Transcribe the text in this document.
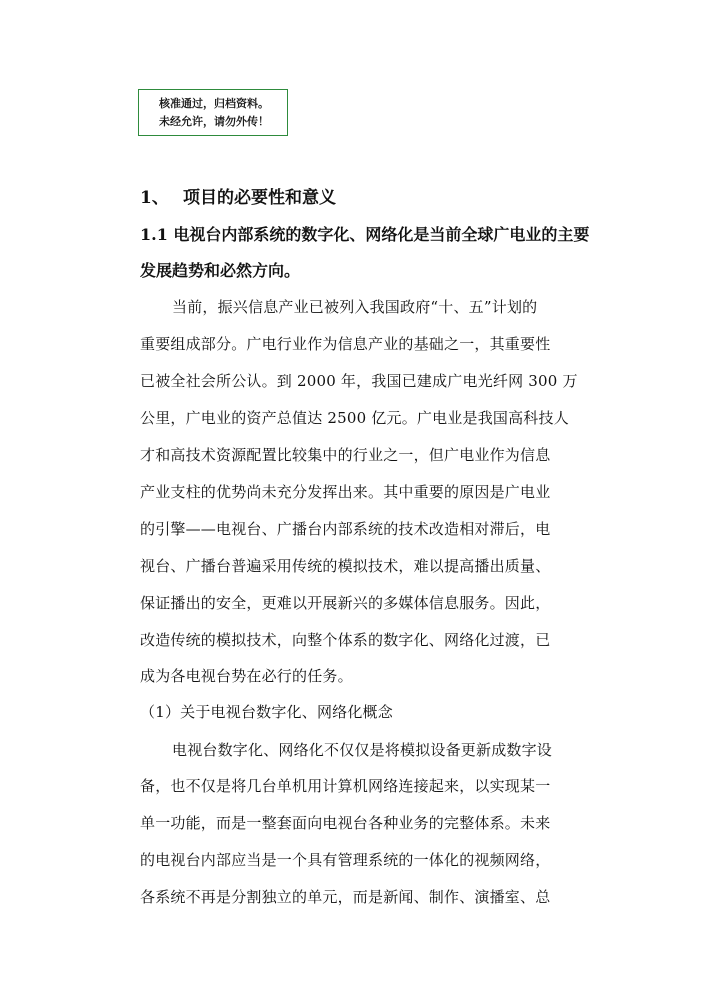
核准通过，归档资料。
未经允许，请勿外传！
1、 项目的必要性和意义
1.1 电视台内部系统的数字化、网络化是当前全球广电业的主要发展趋势和必然方向。
当前，振兴信息产业已被列入我国政府“十、五”计划的
重要组成部分。广电行业作为信息产业的基础之一，其重要性
已被全社会所公认。到 2000 年，我国已建成广电光纤网 300 万
公里，广电业的资产总值达 2500 亿元。广电业是我国高科技人
才和高技术资源配置比较集中的行业之一，但广电业作为信息
产业支柱的优势尚未充分发挥出来。其中重要的原因是广电业
的引擎——电视台、广播台内部系统的技术改造相对滞后，电
视台、广播台普遍采用传统的模拟技术，难以提高播出质量、
保证播出的安全，更难以开展新兴的多媒体信息服务。因此，
改造传统的模拟技术，向整个体系的数字化、网络化过渡，已
成为各电视台势在必行的任务。
（1）关于电视台数字化、网络化概念
电视台数字化、网络化不仅仅是将模拟设备更新成数字设
备，也不仅是将几台单机用计算机网络连接起来，以实现某一
单一功能，而是一整套面向电视台各种业务的完整体系。未来
的电视台内部应当是一个具有管理系统的一体化的视频网络，
各系统不再是分割独立的单元，而是新闻、制作、演播室、总
